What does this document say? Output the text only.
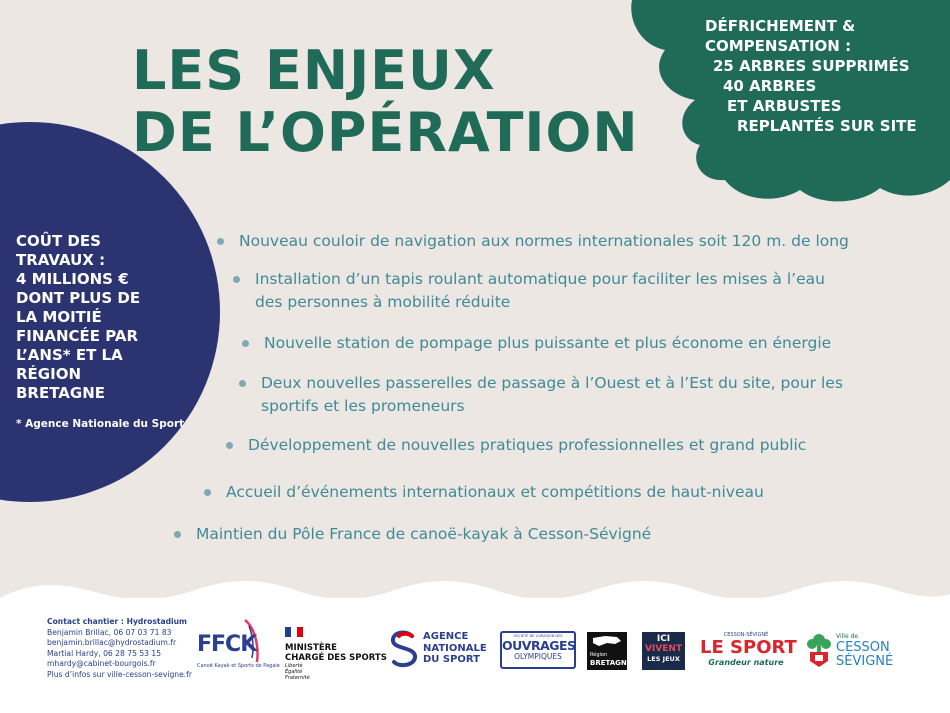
LES ENJEUX
DE L’OPÉRATION
DÉFRICHEMENT &
COMPENSATION :
25 ARBRES SUPPRIMÉS
40 ARBRES
ET ARBUSTES
REPLANTÉS SUR SITE
COÛT DES
TRAVAUX :
4 MILLIONS €
DONT PLUS DE
LA MOITIÉ
FINANCÉE PAR
L’ANS* ET LA
RÉGION
BRETAGNE
* Agence Nationale du Sport
Nouveau couloir de navigation aux normes internationales soit 120 m. de long
Installation d’un tapis roulant automatique pour faciliter les mises à l’eau
des personnes à mobilité réduite
Nouvelle station de pompage plus puissante et plus économe en énergie
Deux nouvelles passerelles de passage à l’Ouest et à l’Est du site, pour les
sportifs et les promeneurs
Développement de nouvelles pratiques professionnelles et grand public
Accueil d’événements internationaux et compétitions de haut-niveau
Maintien du Pôle France de canoë-kayak à Cesson-Sévigné
Contact chantier : Hydrostadium
Benjamin Brillac, 06 07 03 71 83
benjamin.brillac@hydrostadium.fr
Martial Hardy, 06 28 75 53 15
mhardy@cabinet-bourgois.fr
Plus d’infos sur ville-cesson-sevigne.fr
FFCK
Canoë Kayak et Sports de Pagaie
MINISTÈRE
CHARGÉ DES SPORTS
Liberté
Égalité
Fraternité
AGENCE
NATIONALE
DU SPORT
SOCIÉTÉ DE LIVRAISON DES
OUVRAGES
OLYMPIQUES	Région
BRETAGNE
ICI
VIVENT
LES JEUX
CESSON-SÉVIGNÉ
LE SPORT
Grandeur nature
Ville de
CESSON
SÉVIGNÉ
